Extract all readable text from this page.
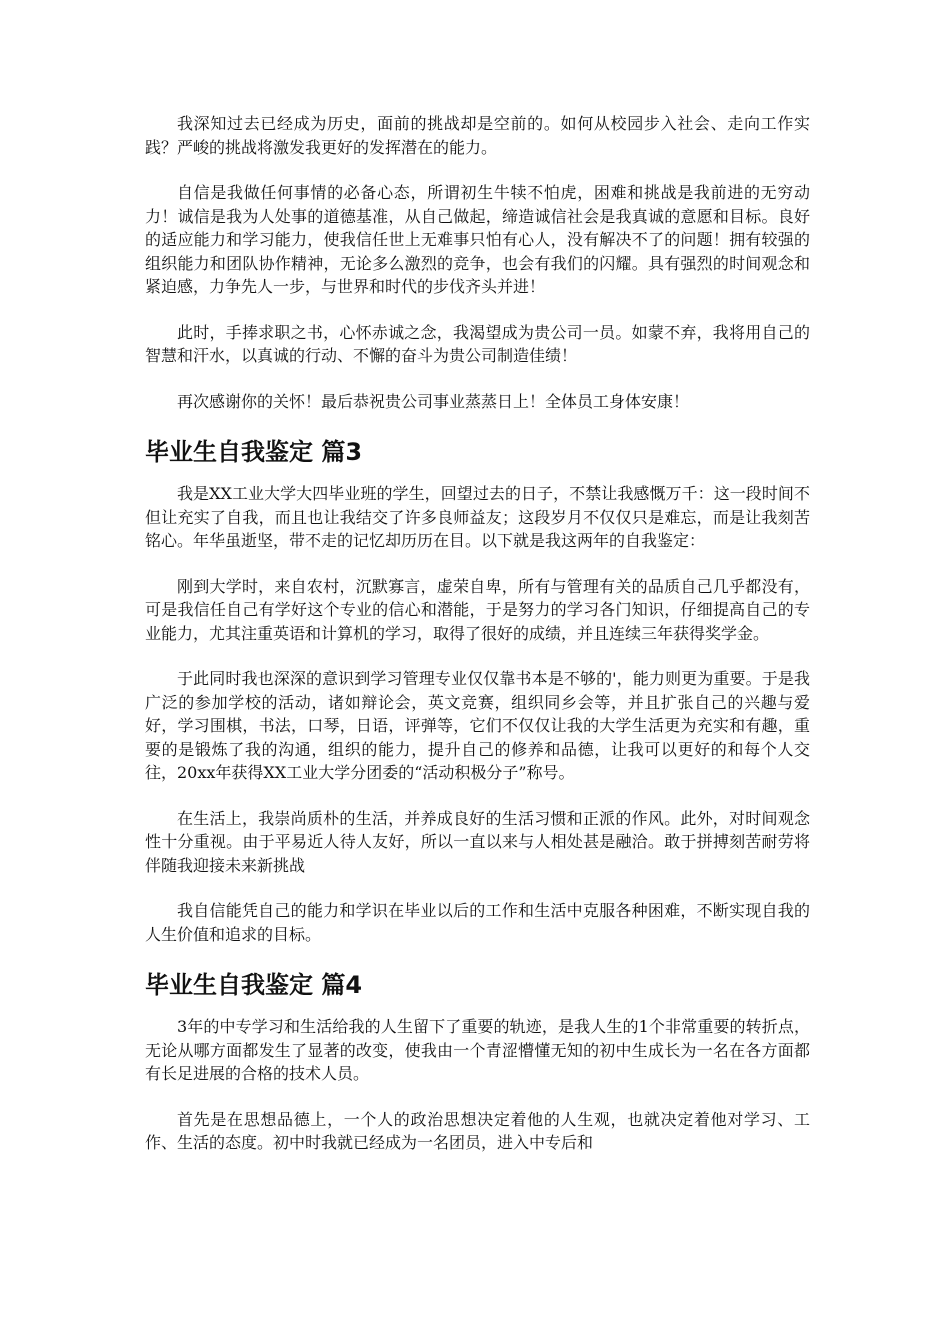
我深知过去已经成为历史，面前的挑战却是空前的。如何从校园步入社会、走向工作实践？严峻的挑战将激发我更好的发挥潜在的能力。

自信是我做任何事情的必备心态，所谓初生牛犊不怕虎，困难和挑战是我前进的无穷动力！诚信是我为人处事的道德基准，从自己做起，缔造诚信社会是我真诚的意愿和目标。良好的适应能力和学习能力，使我信任世上无难事只怕有心人，没有解决不了的问题！拥有较强的组织能力和团队协作精神，无论多么激烈的竞争，也会有我们的闪耀。具有强烈的时间观念和紧迫感，力争先人一步，与世界和时代的步伐齐头并进！

此时，手捧求职之书，心怀赤诚之念，我渴望成为贵公司一员。如蒙不弃，我将用自己的智慧和汗水，以真诚的行动、不懈的奋斗为贵公司制造佳绩！

再次感谢你的关怀！最后恭祝贵公司事业蒸蒸日上！全体员工身体安康！

毕业生自我鉴定 篇3

我是XX工业大学大四毕业班的学生，回望过去的日子，不禁让我感慨万千：这一段时间不但让充实了自我，而且也让我结交了许多良师益友；这段岁月不仅仅只是难忘，而是让我刻苦铭心。年华虽逝坚，带不走的记忆却历历在目。以下就是我这两年的自我鉴定：

刚到大学时，来自农村，沉默寡言，虚荣自卑，所有与管理有关的品质自己几乎都没有，可是我信任自己有学好这个专业的信心和潜能，于是努力的学习各门知识，仔细提高自己的专业能力，尤其注重英语和计算机的学习，取得了很好的成绩，并且连续三年获得奖学金。

于此同时我也深深的意识到学习管理专业仅仅靠书本是不够的'，能力则更为重要。于是我广泛的参加学校的活动，诸如辩论会，英文竞赛，组织同乡会等，并且扩张自己的兴趣与爱好，学习围棋，书法，口琴，日语，评弹等，它们不仅仅让我的大学生活更为充实和有趣，重要的是锻炼了我的沟通，组织的能力，提升自己的修养和品德，让我可以更好的和每个人交往，20xx年获得XX工业大学分团委的“活动积极分子”称号。

在生活上，我崇尚质朴的生活，并养成良好的生活习惯和正派的作风。此外，对时间观念性十分重视。由于平易近人待人友好，所以一直以来与人相处甚是融洽。敢于拼搏刻苦耐劳将伴随我迎接未来新挑战

我自信能凭自己的能力和学识在毕业以后的工作和生活中克服各种困难，不断实现自我的人生价值和追求的目标。

毕业生自我鉴定 篇4

3年的中专学习和生活给我的人生留下了重要的轨迹，是我人生的1个非常重要的转折点，无论从哪方面都发生了显著的改变，使我由一个青涩懵懂无知的初中生成长为一名在各方面都有长足进展的合格的技术人员。

首先是在思想品德上，一个人的政治思想决定着他的人生观，也就决定着他对学习、工作、生活的态度。初中时我就已经成为一名团员，进入中专后和
